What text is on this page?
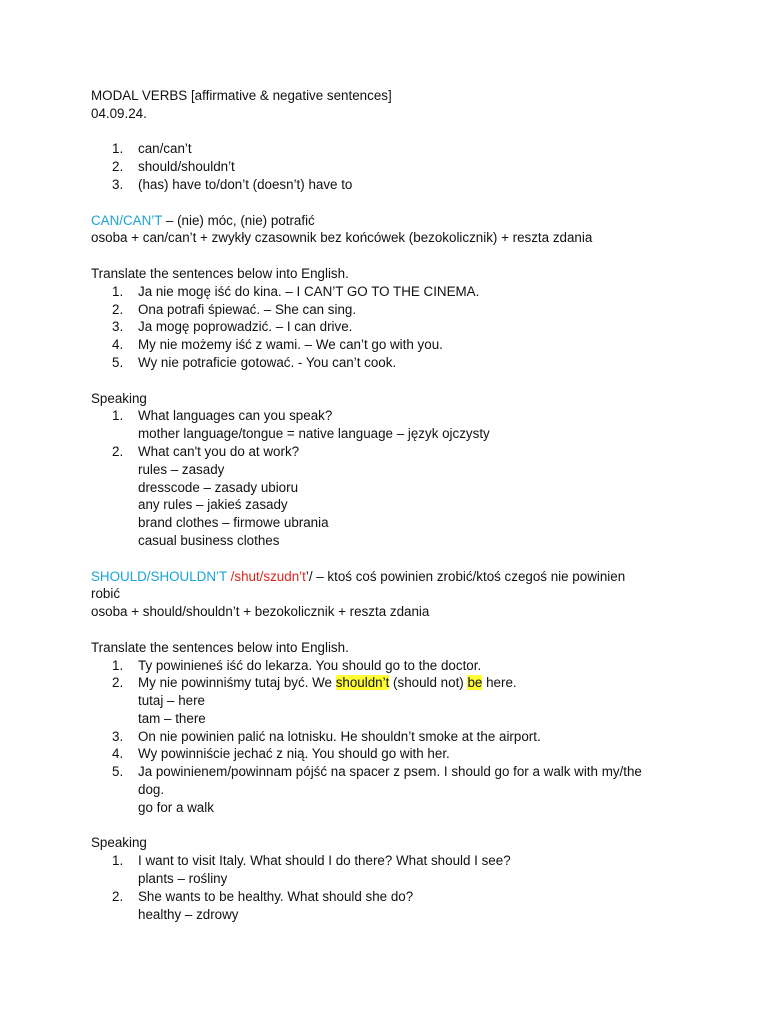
MODAL VERBS [affirmative & negative sentences]
04.09.24.
1.	can/can’t
2.	should/shouldn’t
3.	(has) have to/don’t (doesn’t) have to
CAN/CAN’T – (nie) móc, (nie) potrafić
osoba + can/can’t + zwykły czasownik bez końcówek (bezokolicznik) + reszta zdania
Translate the sentences below into English.
1.	Ja nie mogę iść do kina. – I CAN’T GO TO THE CINEMA.
2.	Ona potrafi śpiewać. – She can sing.
3.	Ja mogę poprowadzić. – I can drive.
4.	My nie możemy iść z wami. – We can’t go with you.
5.	Wy nie potraficie gotować. - You can’t cook.
Speaking
1.	What languages can you speak?
mother language/tongue = native language – język ojczysty
2.	What can't you do at work?
rules – zasady
dresscode – zasady ubioru
any rules – jakieś zasady
brand clothes – firmowe ubrania
casual business clothes
SHOULD/SHOULDN’T /shut/szudn’t’/ – ktoś coś powinien zrobić/ktoś czegoś nie powinien
robić
osoba + should/shouldn’t + bezokolicznik + reszta zdania
Translate the sentences below into English.
1.	Ty powinieneś iść do lekarza. You should go to the doctor.
2.	My nie powinniśmy tutaj być. We shouldn’t (should not) be here.
tutaj – here
tam – there
3.	On nie powinien palić na lotnisku. He shouldn’t smoke at the airport.
4.	Wy powinniście jechać z nią. You should go with her.
5.	Ja powinienem/powinnam pójść na spacer z psem. I should go for a walk with my/the
dog.
go for a walk
Speaking
1.	I want to visit Italy. What should I do there? What should I see?
plants – rośliny
2.	She wants to be healthy. What should she do?
healthy – zdrowy
